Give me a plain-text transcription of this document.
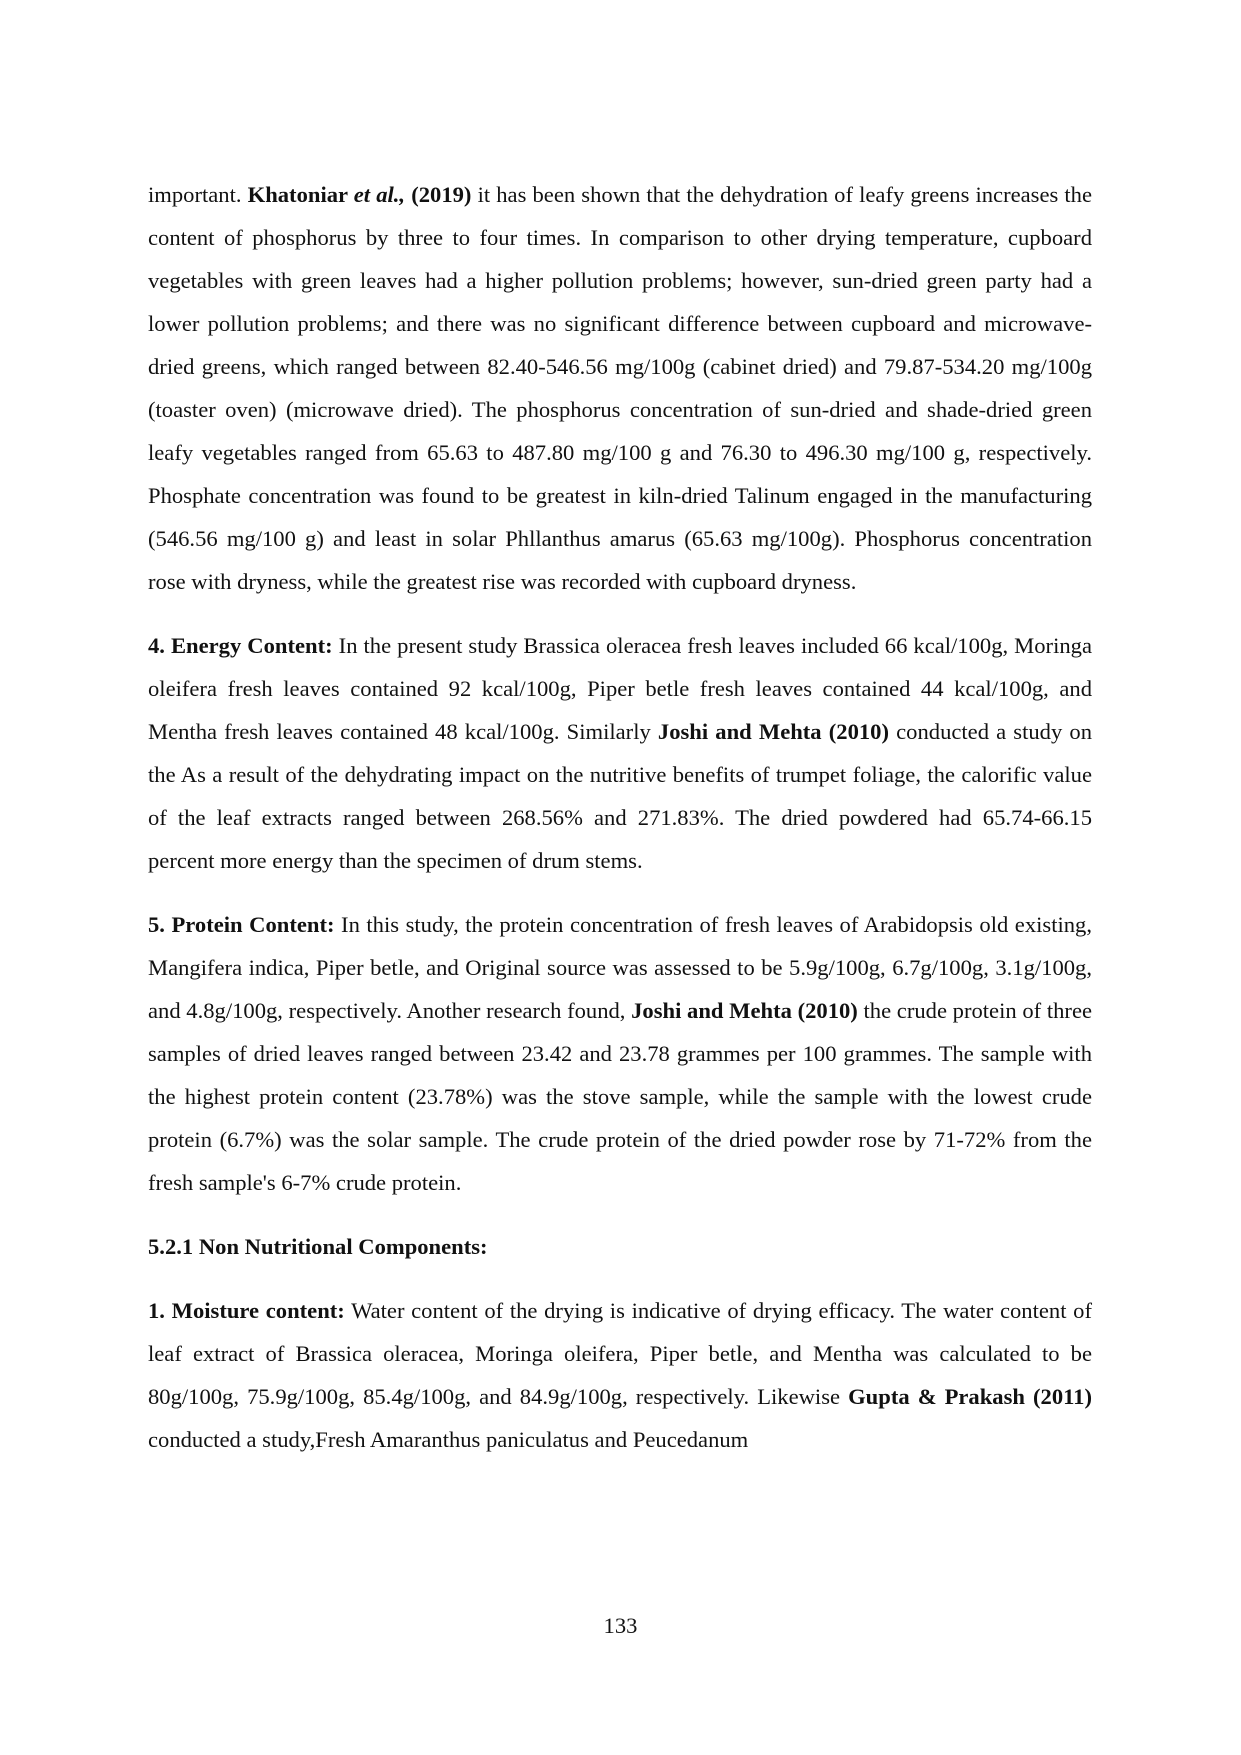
important. Khatoniar et al., (2019) it has been shown that the dehydration of leafy greens increases the content of phosphorus by three to four times. In comparison to other drying temperature, cupboard vegetables with green leaves had a higher pollution problems; however, sun-dried green party had a lower pollution problems; and there was no significant difference between cupboard and microwave-dried greens, which ranged between 82.40-546.56 mg/100g (cabinet dried) and 79.87-534.20 mg/100g (toaster oven) (microwave dried). The phosphorus concentration of sun-dried and shade-dried green leafy vegetables ranged from 65.63 to 487.80 mg/100 g and 76.30 to 496.30 mg/100 g, respectively. Phosphate concentration was found to be greatest in kiln-dried Talinum engaged in the manufacturing (546.56 mg/100 g) and least in solar Phllanthus amarus (65.63 mg/100g). Phosphorus concentration rose with dryness, while the greatest rise was recorded with cupboard dryness.

4. Energy Content: In the present study Brassica oleracea fresh leaves included 66 kcal/100g, Moringa oleifera fresh leaves contained 92 kcal/100g, Piper betle fresh leaves contained 44 kcal/100g, and Mentha fresh leaves contained 48 kcal/100g. Similarly Joshi and Mehta (2010) conducted a study on the As a result of the dehydrating impact on the nutritive benefits of trumpet foliage, the calorific value of the leaf extracts ranged between 268.56% and 271.83%. The dried powdered had 65.74-66.15 percent more energy than the specimen of drum stems.

5. Protein Content: In this study, the protein concentration of fresh leaves of Arabidopsis old existing, Mangifera indica, Piper betle, and Original source was assessed to be 5.9g/100g, 6.7g/100g, 3.1g/100g, and 4.8g/100g, respectively. Another research found, Joshi and Mehta (2010) the crude protein of three samples of dried leaves ranged between 23.42 and 23.78 grammes per 100 grammes. The sample with the highest protein content (23.78%) was the stove sample, while the sample with the lowest crude protein (6.7%) was the solar sample. The crude protein of the dried powder rose by 71-72% from the fresh sample's 6-7% crude protein.

5.2.1 Non Nutritional Components:

1. Moisture content: Water content of the drying is indicative of drying efficacy. The water content of leaf extract of Brassica oleracea, Moringa oleifera, Piper betle, and Mentha was calculated to be 80g/100g, 75.9g/100g, 85.4g/100g, and 84.9g/100g, respectively. Likewise Gupta & Prakash (2011) conducted a study,Fresh Amaranthus paniculatus and Peucedanum

133
